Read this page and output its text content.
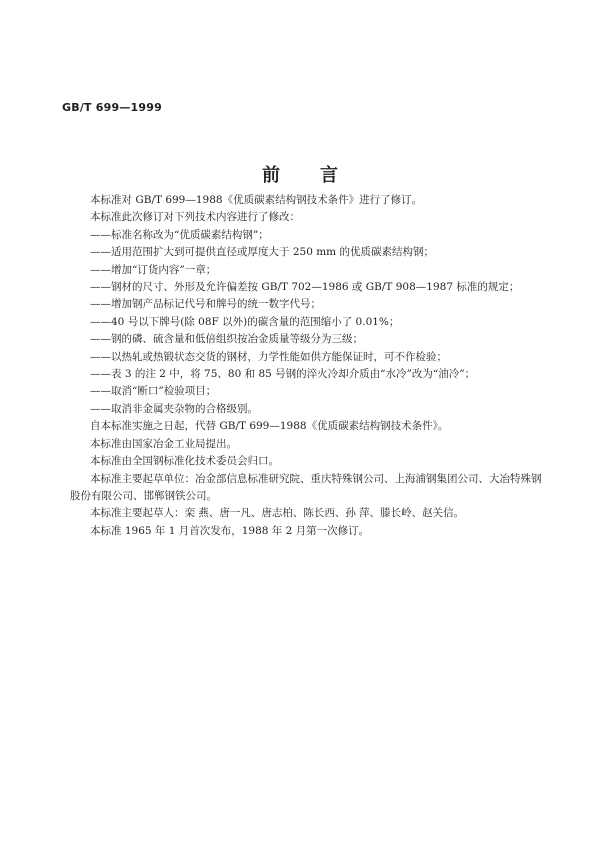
GB/T 699—1999
前 言
本标准对 GB/T 699—1988《优质碳素结构钢技术条件》进行了修订。
本标准此次修订对下列技术内容进行了修改：
——标准名称改为“优质碳素结构钢”；
——适用范围扩大到可提供直径或厚度大于 250 mm 的优质碳素结构钢；
——增加“订货内容”一章；
——钢材的尺寸、外形及允许偏差按 GB/T 702—1986 或 GB/T 908—1987 标准的规定；
——增加钢产品标记代号和牌号的统一数字代号；
——40 号以下牌号(除 08F 以外)的碳含量的范围缩小了 0.01%；
——钢的磷、硫含量和低倍组织按冶金质量等级分为三级；
——以热轧或热锻状态交货的钢材，力学性能如供方能保证时，可不作检验；
——表 3 的注 2 中，将 75、80 和 85 号钢的淬火冷却介质由“水冷”改为“油冷”；
——取消“断口”检验项目；
——取消非金属夹杂物的合格级别。
自本标准实施之日起，代替 GB/T 699—1988《优质碳素结构钢技术条件》。
本标准由国家冶金工业局提出。
本标准由全国钢标准化技术委员会归口。
本标准主要起草单位：冶金部信息标准研究院、重庆特殊钢公司、上海浦钢集团公司、大冶特殊钢股份有限公司、邯郸钢铁公司。
本标准主要起草人：栾 燕、唐一凡、唐志柏、陈长西、孙 萍、滕长岭、赵关信。
本标准 1965 年 1 月首次发布，1988 年 2 月第一次修订。
